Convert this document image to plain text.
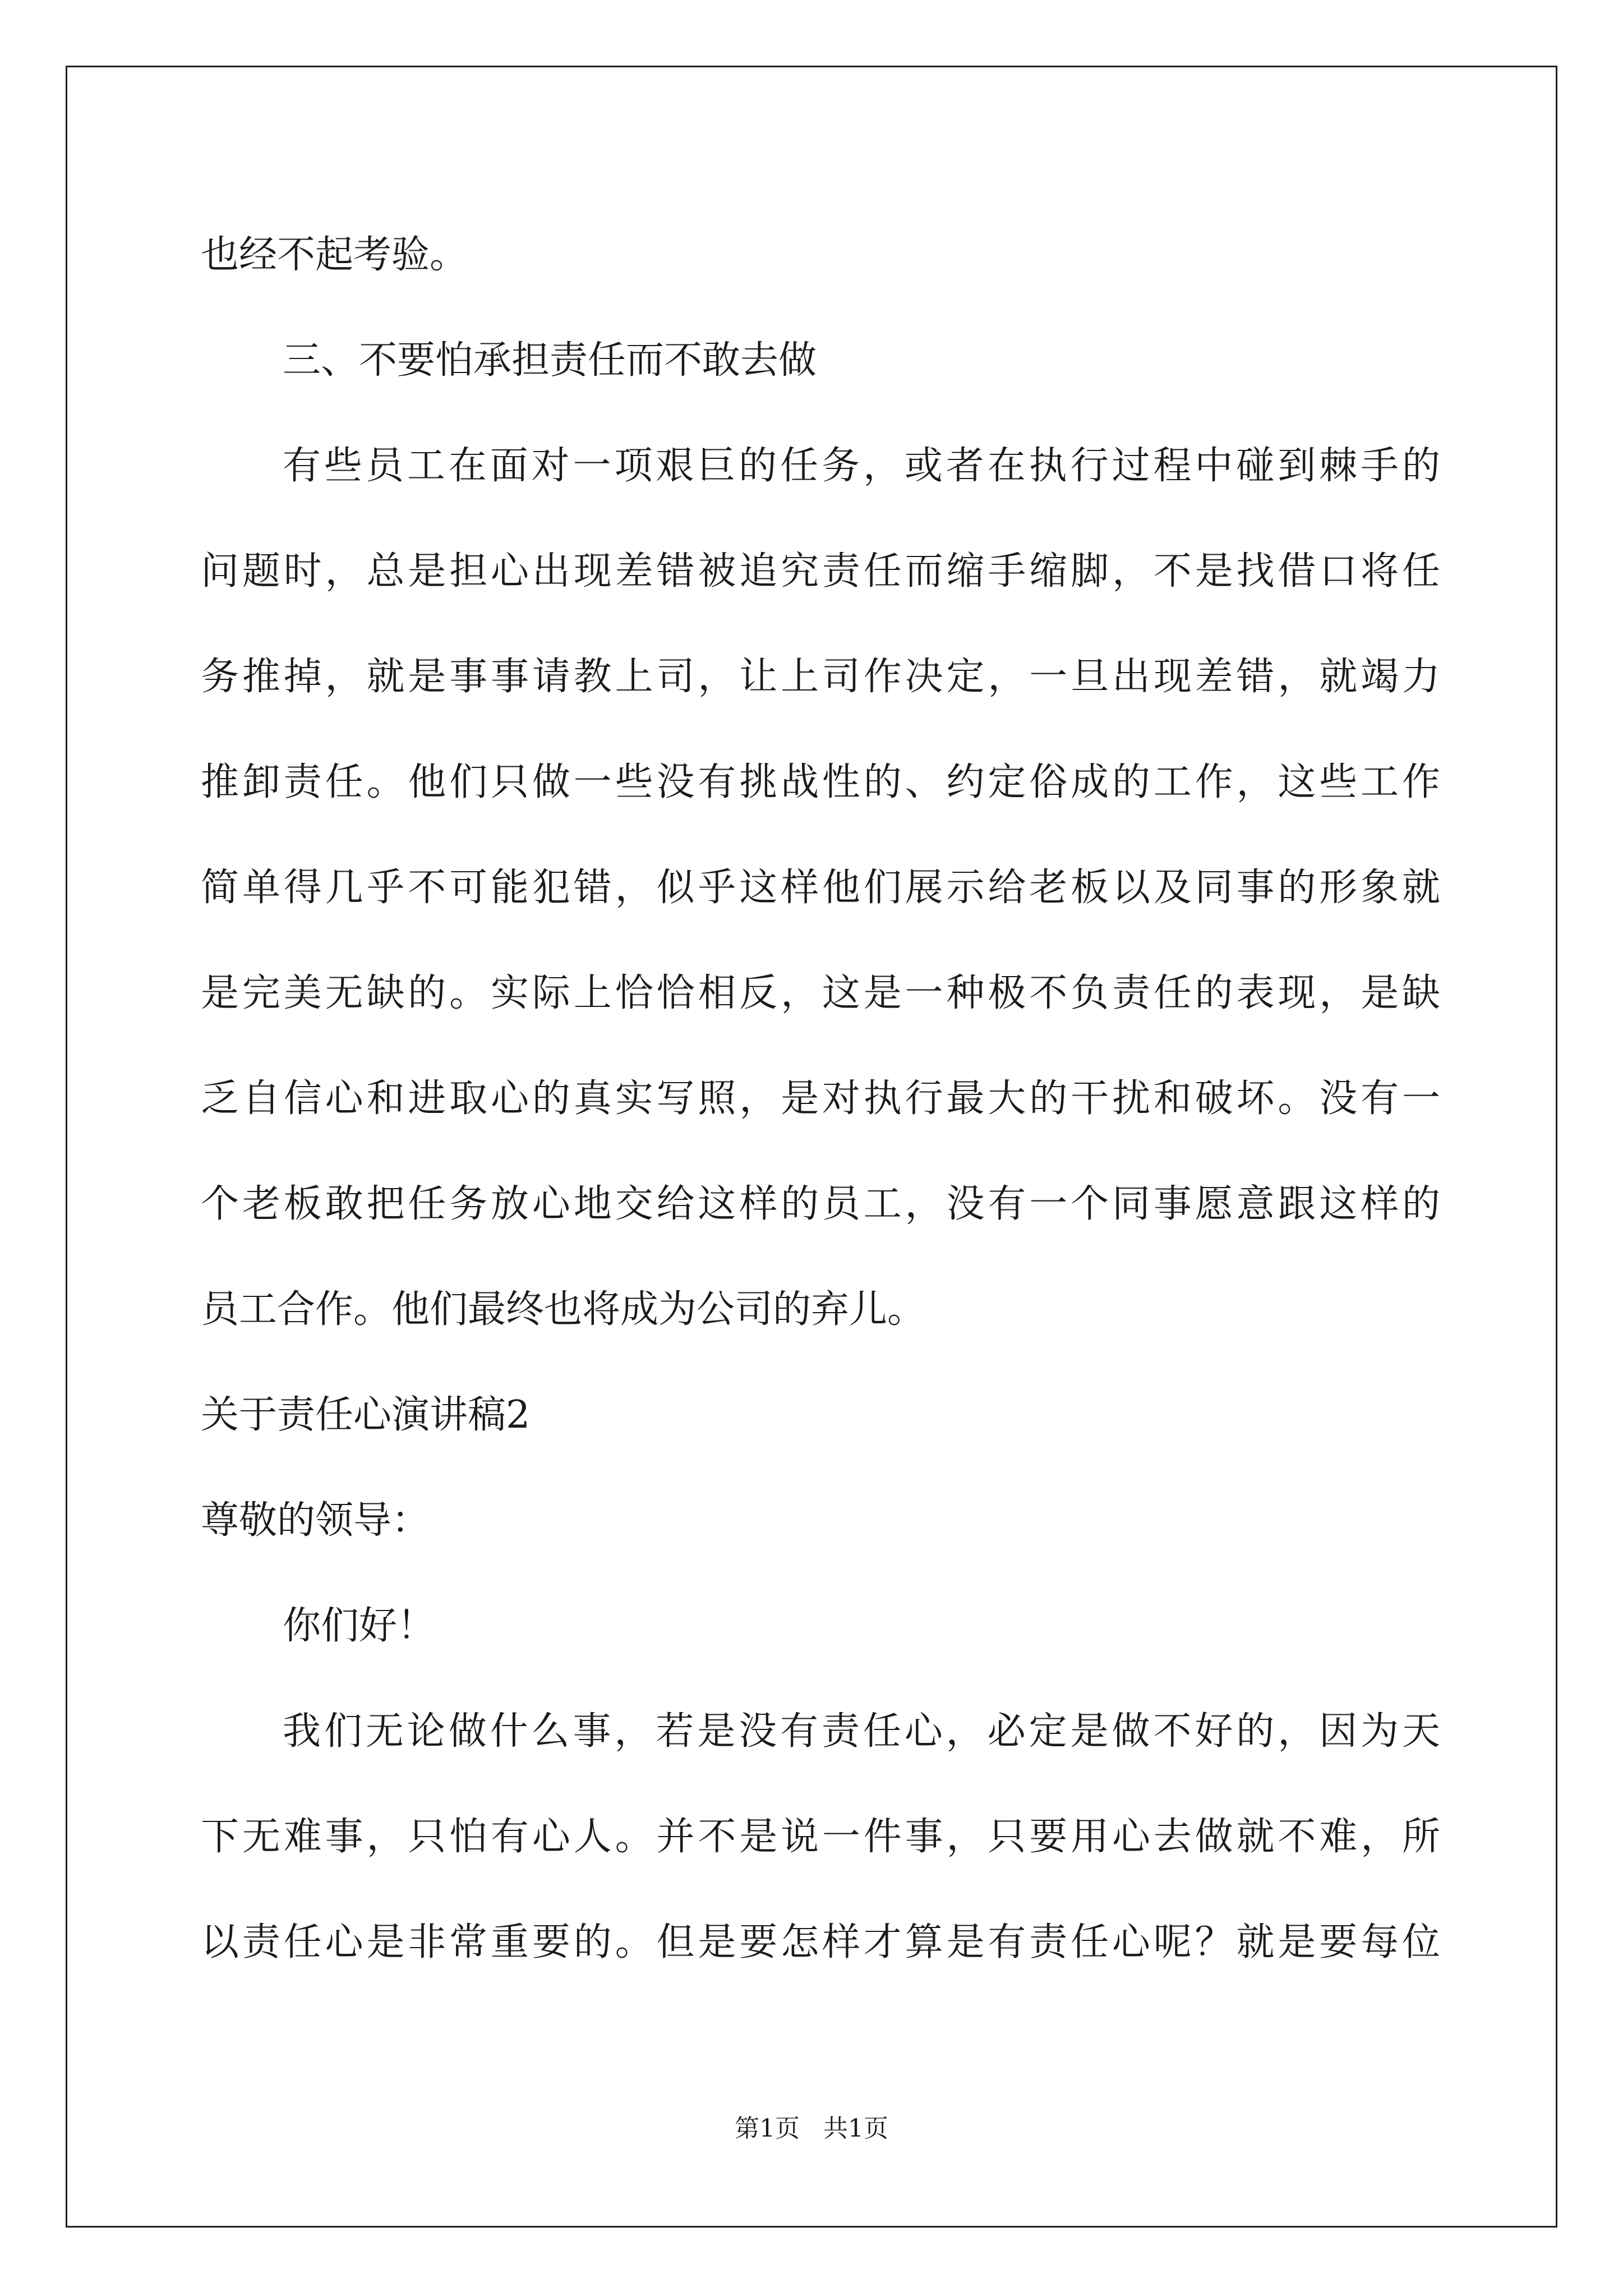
也经不起考验。
三、不要怕承担责任而不敢去做
有些员工在面对一项艰巨的任务，或者在执行过程中碰到棘手的
问题时，总是担心出现差错被追究责任而缩手缩脚，不是找借口将任
务推掉，就是事事请教上司，让上司作决定，一旦出现差错，就竭力
推卸责任。他们只做一些没有挑战性的、约定俗成的工作，这些工作
简单得几乎不可能犯错，似乎这样他们展示给老板以及同事的形象就
是完美无缺的。实际上恰恰相反，这是一种极不负责任的表现，是缺
乏自信心和进取心的真实写照，是对执行最大的干扰和破坏。没有一
个老板敢把任务放心地交给这样的员工，没有一个同事愿意跟这样的
员工合作。他们最终也将成为公司的弃儿。
关于责任心演讲稿2
尊敬的领导：
你们好！
我们无论做什么事，若是没有责任心，必定是做不好的，因为天
下无难事，只怕有心人。并不是说一件事，只要用心去做就不难，所
以责任心是非常重要的。但是要怎样才算是有责任心呢？就是要每位
第1页   共1页
